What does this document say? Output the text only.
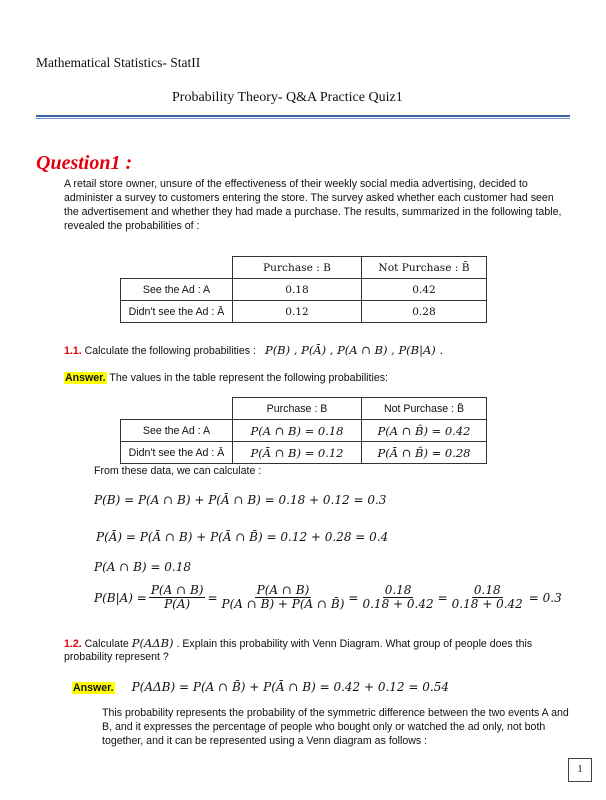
Mathematical Statistics- StatII
Probability Theory- Q&A Practice Quiz1
Question1 :
A retail store owner, unsure of the effectiveness of their weekly social media advertising, decided to administer a survey to customers entering the store. The survey asked whether each customer had seen the advertisement and whether they had made a purchase. The results, summarized in the following table, revealed the probabilities of :
	Purchase : B	Not Purchase : B̄
See the Ad : A	0.18	0.42
Didn't see the Ad : Ā	0.12	0.28
1.1. Calculate the following probabilities : P(B) , P(Ā) , P(A ∩ B) , P(B|A) .
Answer. The values in the table represent the following probabilities:
	Purchase : B	Not Purchase : B̄
See the Ad : A	P(A ∩ B) = 0.18	P(A ∩ B̄) = 0.42
Didn't see the Ad : Ā	P(Ā ∩ B) = 0.12	P(Ā ∩ B̄) = 0.28
From these data, we can calculate :
P(B) = P(A ∩ B) + P(Ā ∩ B) = 0.18 + 0.12 = 0.3
P(Ā) = P(Ā ∩ B) + P(Ā ∩ B̄) = 0.12 + 0.28 = 0.4
P(A ∩ B) = 0.18
$P(B|A) = \frac{P(A \cap B)}{P(A)} = \frac{P(A \cap B)}{P(A \cap B) + P(A \cap B̄)} = \frac{0.18}{0.18 + 0.42} = \frac{0.18}{0.18 + 0.42} = 0.3$
1.2. Calculate P(AΔB) . Explain this probability with Venn Diagram. What group of people does this
probability represent ?
Answer. P(AΔB) = P(A ∩ B̄) + P(Ā ∩ B) = 0.42 + 0.12 = 0.54
This probability represents the probability of the symmetric difference between the two events A and B, and it expresses the percentage of people who bought only or watched the ad only, not both together, and it can be represented using a Venn diagram as follows :
1
